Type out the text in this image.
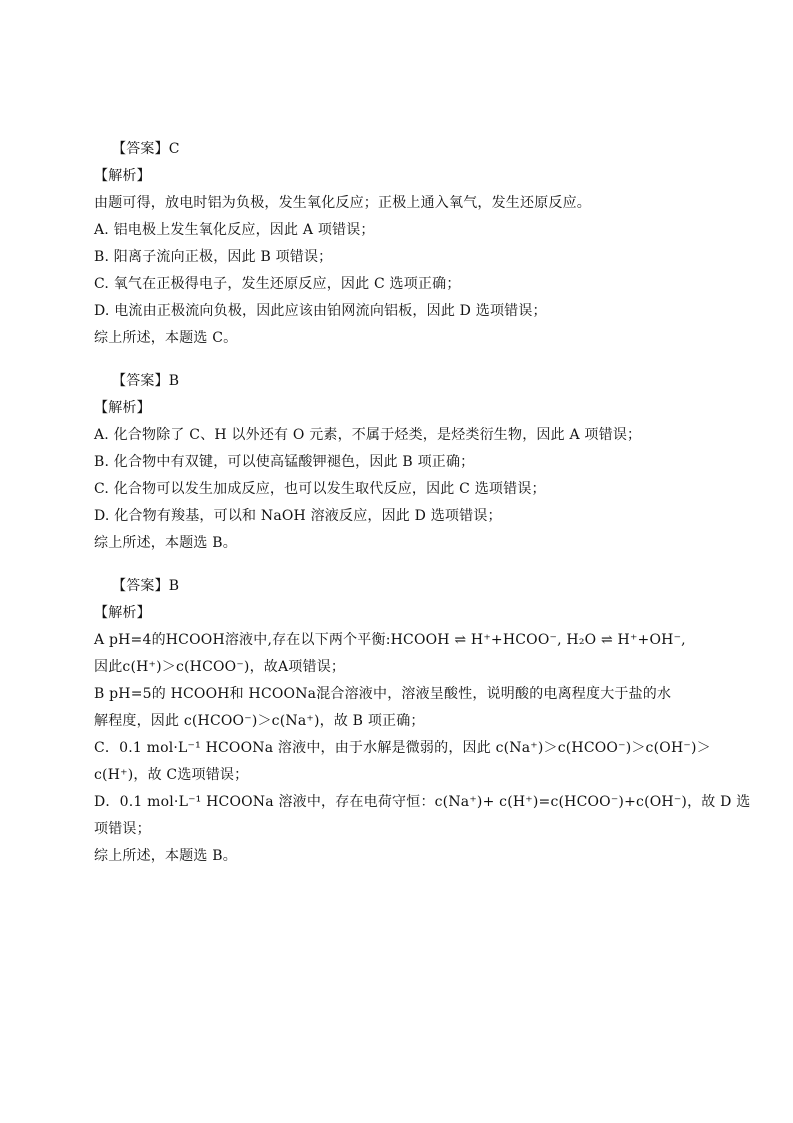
【答案】C
【解析】
由题可得，放电时铝为负极，发生氧化反应；正极上通入氧气，发生还原反应。
A. 铝电极上发生氧化反应，因此 A 项错误；
B. 阳离子流向正极，因此 B 项错误；
C. 氧气在正极得电子，发生还原反应，因此 C 选项正确；
D. 电流由正极流向负极，因此应该由铂网流向铝板，因此 D 选项错误；
综上所述，本题选 C。
【答案】B
【解析】
A. 化合物除了 C、H 以外还有 O 元素，不属于烃类，是烃类衍生物，因此 A 项错误；
B. 化合物中有双键，可以使高锰酸钾褪色，因此 B 项正确；
C. 化合物可以发生加成反应，也可以发生取代反应，因此 C 选项错误；
D. 化合物有羧基，可以和 NaOH 溶液反应，因此 D 选项错误；
综上所述，本题选 B。
【答案】B
【解析】
A pH=4的HCOOH溶液中,存在以下两个平衡:HCOOH ⇌ H⁺+HCOO⁻, H₂O ⇌ H⁺+OH⁻,
因此c(H⁺)＞c(HCOO⁻)，故A项错误；
B pH=5的 HCOOH和 HCOONa混合溶液中，溶液呈酸性，说明酸的电离程度大于盐的水
解程度，因此 c(HCOO⁻)＞c(Na⁺)，故 B 项正确；
C．0.1 mol·L⁻¹ HCOONa 溶液中，由于水解是微弱的，因此 c(Na⁺)＞c(HCOO⁻)＞c(OH⁻)＞
c(H⁺)，故 C选项错误；
D．0.1 mol·L⁻¹ HCOONa 溶液中，存在电荷守恒：c(Na⁺)+ c(H⁺)=c(HCOO⁻)+c(OH⁻)，故 D 选
项错误；
综上所述，本题选 B。
